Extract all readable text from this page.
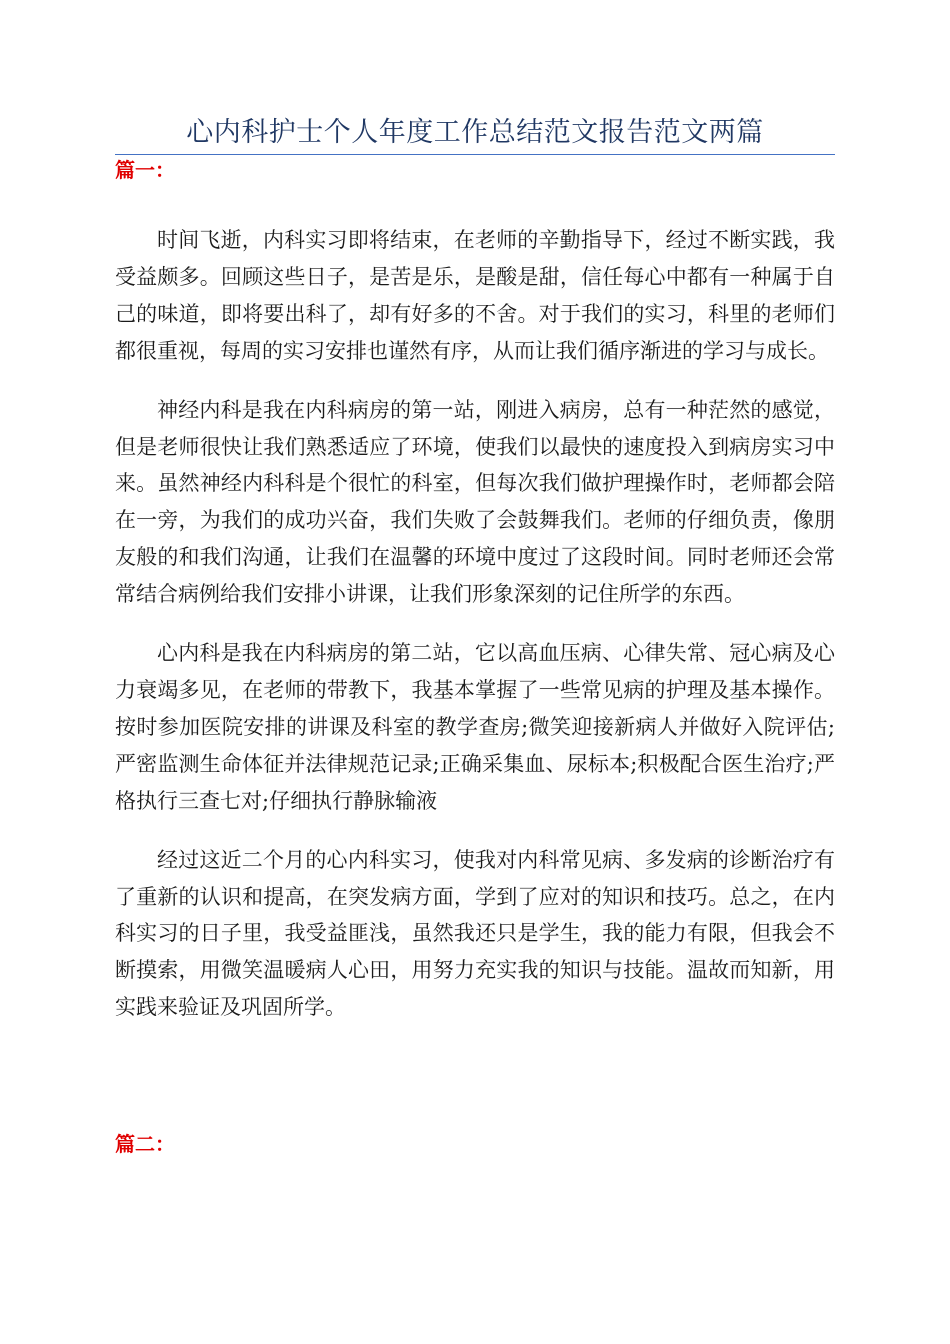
心内科护士个人年度工作总结范文报告范文两篇
篇一：

时间飞逝，内科实习即将结束，在老师的辛勤指导下，经过不断实践，我受益颇多。回顾这些日子，是苦是乐，是酸是甜，信任每心中都有一种属于自己的味道，即将要出科了，却有好多的不舍。对于我们的实习，科里的老师们都很重视，每周的实习安排也谨然有序，从而让我们循序渐进的学习与成长。

神经内科是我在内科病房的第一站，刚进入病房，总有一种茫然的感觉，但是老师很快让我们熟悉适应了环境，使我们以最快的速度投入到病房实习中来。虽然神经内科科是个很忙的科室，但每次我们做护理操作时，老师都会陪在一旁，为我们的成功兴奋，我们失败了会鼓舞我们。老师的仔细负责，像朋友般的和我们沟通，让我们在温馨的环境中度过了这段时间。同时老师还会常常结合病例给我们安排小讲课，让我们形象深刻的记住所学的东西。

心内科是我在内科病房的第二站，它以高血压病、心律失常、冠心病及心力衰竭多见，在老师的带教下，我基本掌握了一些常见病的护理及基本操作。按时参加医院安排的讲课及科室的教学查房;微笑迎接新病人并做好入院评估;严密监测生命体征并法律规范记录;正确采集血、尿标本;积极配合医生治疗;严格执行三查七对;仔细执行静脉输液

经过这近二个月的心内科实习，使我对内科常见病、多发病的诊断治疗有了重新的认识和提高，在突发病方面，学到了应对的知识和技巧。总之，在内科实习的日子里，我受益匪浅，虽然我还只是学生，我的能力有限，但我会不断摸索，用微笑温暖病人心田，用努力充实我的知识与技能。温故而知新，用实践来验证及巩固所学。

篇二：
